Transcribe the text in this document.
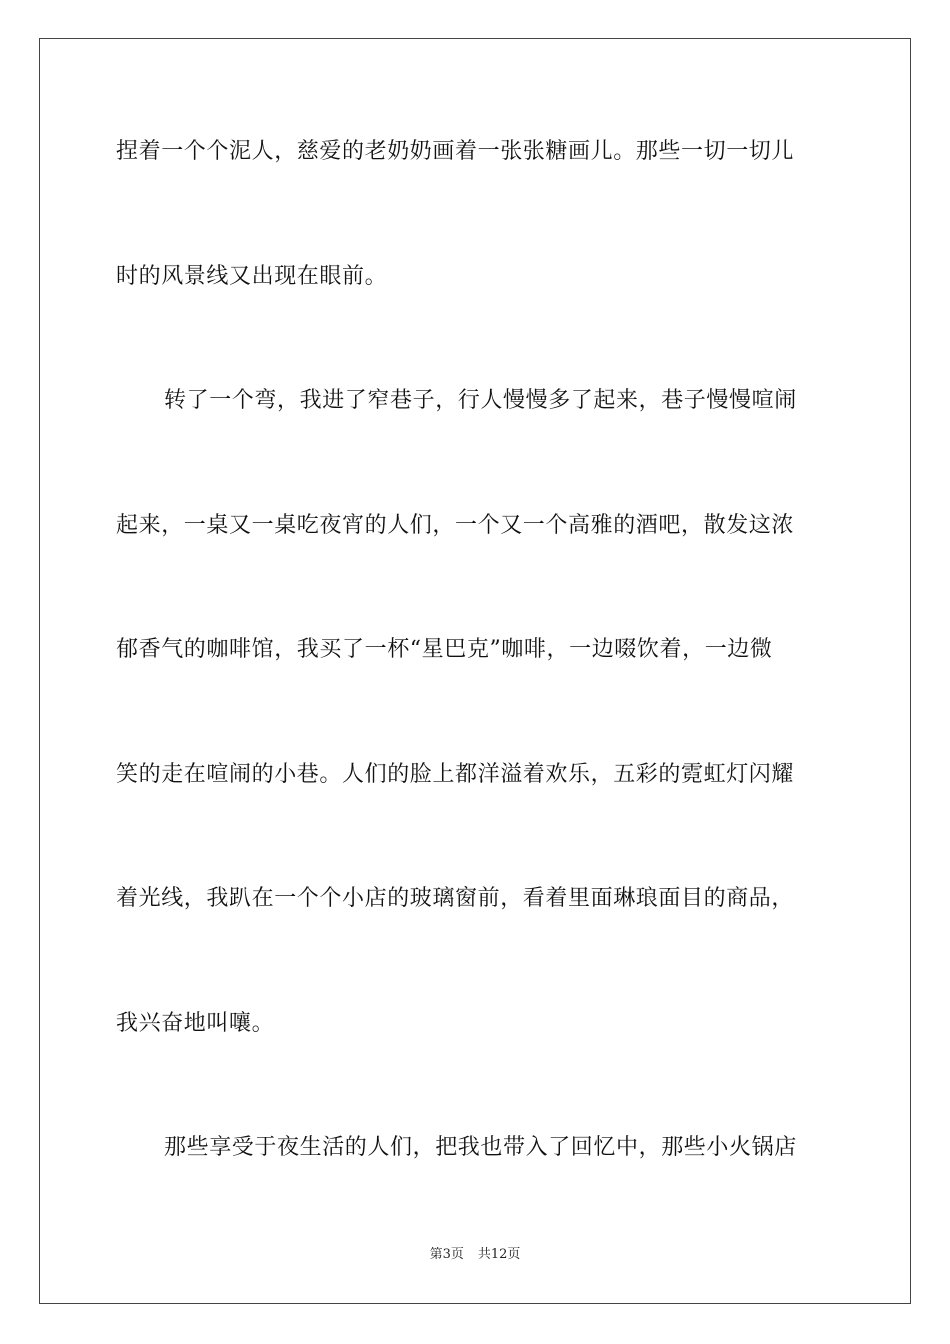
捏着一个个泥人，慈爱的老奶奶画着一张张糖画儿。那些一切一切儿
时的风景线又出现在眼前。
转了一个弯，我进了窄巷子，行人慢慢多了起来，巷子慢慢喧闹
起来，一桌又一桌吃夜宵的人们，一个又一个高雅的酒吧，散发这浓
郁香气的咖啡馆，我买了一杯“星巴克”咖啡，一边啜饮着，一边微
笑的走在喧闹的小巷。人们的脸上都洋溢着欢乐，五彩的霓虹灯闪耀
着光线，我趴在一个个小店的玻璃窗前，看着里面琳琅面目的商品，
我兴奋地叫嚷。
那些享受于夜生活的人们，把我也带入了回忆中，那些小火锅店
第3页 共12页
